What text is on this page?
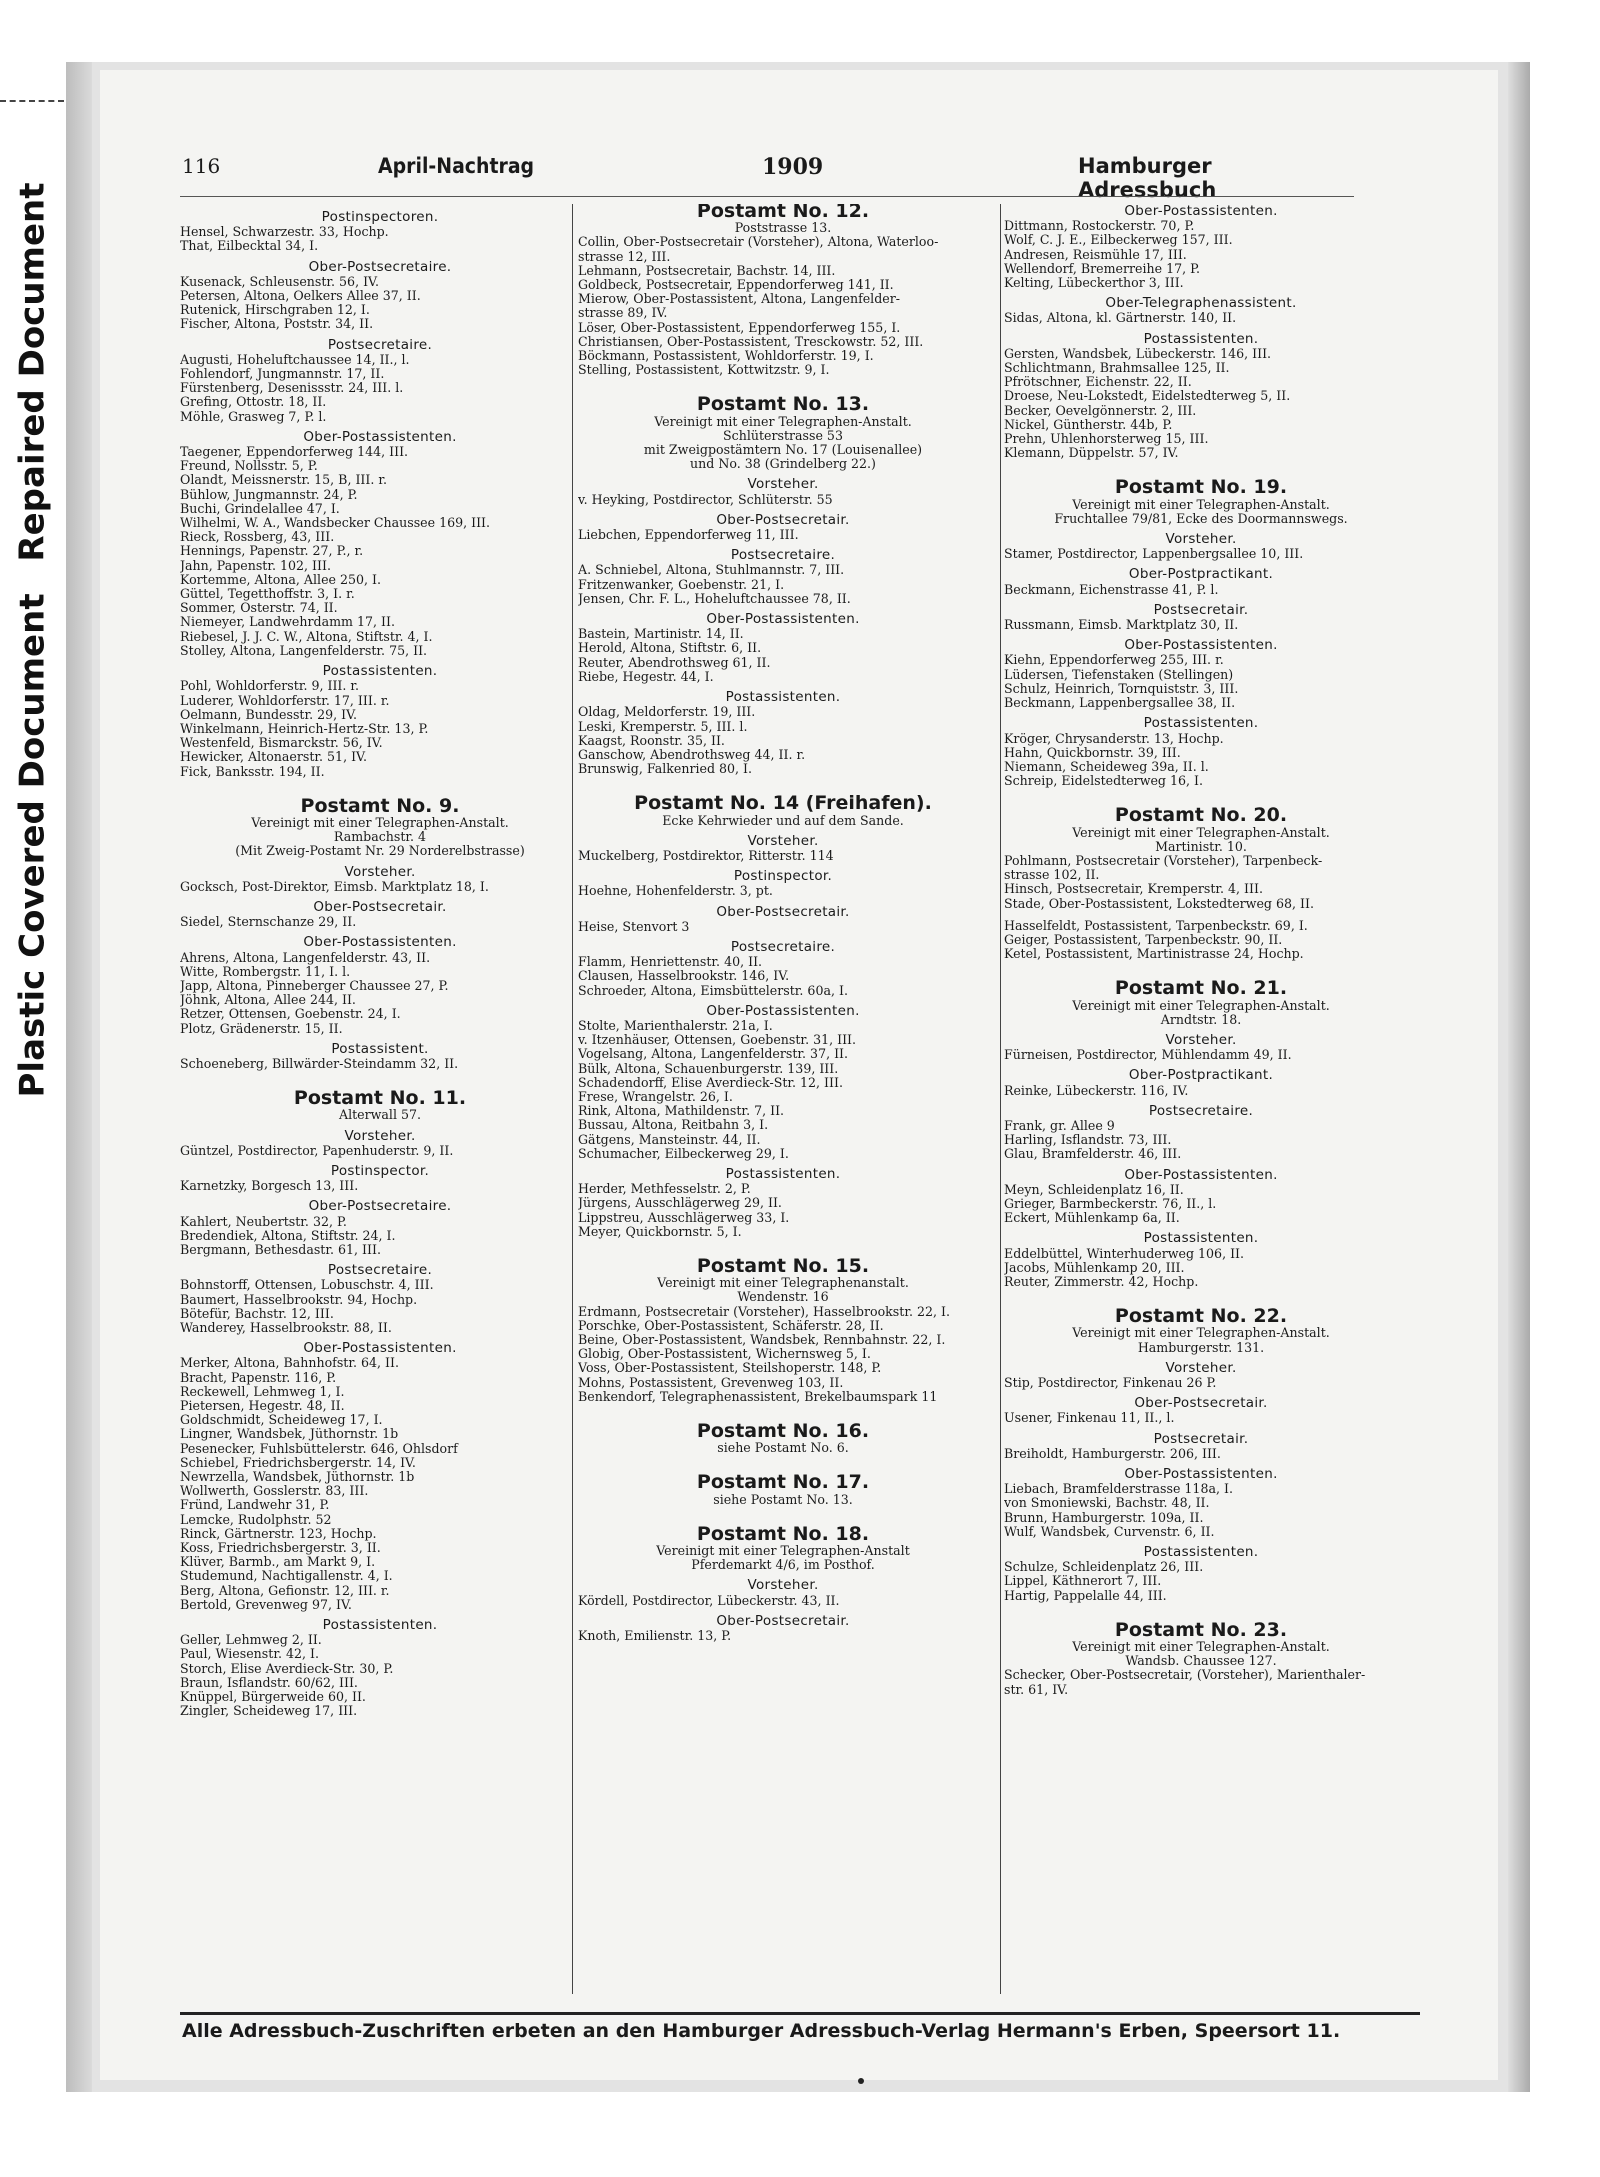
Plastic Covered Document Repaired Document
116	April-Nachtrag	1909	Hamburger Adressbuch
Postinspectoren.
Hensel, Schwarzestr. 33, Hochp.
That, Eilbecktal 34, I.
Ober-Postsecretaire.
Kusenack, Schleusenstr. 56, IV.
Petersen, Altona, Oelkers Allee 37, II.
Rutenick, Hirschgraben 12, I.
Fischer, Altona, Poststr. 34, II.
Postsecretaire.
Augusti, Hoheluftchaussee 14, II., l.
Fohlendorf, Jungmannstr. 17, II.
Fürstenberg, Desenissstr. 24, III. l.
Grefing, Ottostr. 18, II.
Möhle, Grasweg 7, P. l.
Ober-Postassistenten.
Taegener, Eppendorferweg 144, III.
Freund, Nollsstr. 5, P.
Olandt, Meissnerstr. 15, B, III. r.
Bühlow, Jungmannstr. 24, P.
Buchi, Grindelallee 47, I.
Wilhelmi, W. A., Wandsbecker Chaussee 169, III.
Rieck, Rossberg, 43, III.
Hennings, Papenstr. 27, P., r.
Jahn, Papenstr. 102, III.
Kortemme, Altona, Allee 250, I.
Güttel, Tegetthoffstr. 3, I. r.
Sommer, Osterstr. 74, II.
Niemeyer, Landwehrdamm 17, II.
Riebesel, J. J. C. W., Altona, Stiftstr. 4, I.
Stolley, Altona, Langenfelderstr. 75, II.
Postassistenten.
Pohl, Wohldorferstr. 9, III. r.
Luderer, Wohldorferstr. 17, III. r.
Oelmann, Bundesstr. 29, IV.
Winkelmann, Heinrich-Hertz-Str. 13, P.
Westenfeld, Bismarckstr. 56, IV.
Hewicker, Altonaerstr. 51, IV.
Fick, Banksstr. 194, II.
Postamt No. 9.
Vereinigt mit einer Telegraphen-Anstalt.
Rambachstr. 4
(Mit Zweig-Postamt Nr. 29 Norderelbstrasse)
Vorsteher.
Gocksch, Post-Direktor, Eimsb. Marktplatz 18, I.
Ober-Postsecretair.
Siedel, Sternschanze 29, II.
Ober-Postassistenten.
Ahrens, Altona, Langenfelderstr. 43, II.
Witte, Rombergstr. 11, I. l.
Japp, Altona, Pinneberger Chaussee 27, P.
Jöhnk, Altona, Allee 244, II.
Retzer, Ottensen, Goebenstr. 24, I.
Plotz, Grädenerstr. 15, II.
Postassistent.
Schoeneberg, Billwärder-Steindamm 32, II.
Postamt No. 11.
Alterwall 57.
Vorsteher.
Güntzel, Postdirector, Papenhuderstr. 9, II.
Postinspector.
Karnetzky, Borgesch 13, III.
Ober-Postsecretaire.
Kahlert, Neubertstr. 32, P.
Bredendiek, Altona, Stiftstr. 24, I.
Bergmann, Bethesdastr. 61, III.
Postsecretaire.
Bohnstorff, Ottensen, Lobuschstr. 4, III.
Baumert, Hasselbrookstr. 94, Hochp.
Bötefür, Bachstr. 12, III.
Wanderey, Hasselbrookstr. 88, II.
Ober-Postassistenten.
Merker, Altona, Bahnhofstr. 64, II.
Bracht, Papenstr. 116, P.
Reckewell, Lehmweg 1, I.
Pietersen, Hegestr. 48, II.
Goldschmidt, Scheideweg 17, I.
Lingner, Wandsbek, Jüthornstr. 1b
Pesenecker, Fuhlsbüttelerstr. 646, Ohlsdorf
Schiebel, Friedrichsbergerstr. 14, IV.
Newrzella, Wandsbek, Jüthornstr. 1b
Wollwerth, Gosslerstr. 83, III.
Fründ, Landwehr 31, P.
Lemcke, Rudolphstr. 52
Rinck, Gärtnerstr. 123, Hochp.
Koss, Friedrichsbergerstr. 3, II.
Klüver, Barmb., am Markt 9, I.
Studemund, Nachtigallenstr. 4, I.
Berg, Altona, Gefionstr. 12, III. r.
Bertold, Grevenweg 97, IV.
Postassistenten.
Geller, Lehmweg 2, II.
Paul, Wiesenstr. 42, I.
Storch, Elise Averdieck-Str. 30, P.
Braun, Isflandstr. 60/62, III.
Knüppel, Bürgerweide 60, II.
Zingler, Scheideweg 17, III.
Postamt No. 12.
Poststrasse 13.
Collin, Ober-Postsecretair (Vorsteher), Altona, Waterloo-
strasse 12, III.
Lehmann, Postsecretair, Bachstr. 14, III.
Goldbeck, Postsecretair, Eppendorferweg 141, II.
Mierow, Ober-Postassistent, Altona, Langenfelder-
strasse 89, IV.
Löser, Ober-Postassistent, Eppendorferweg 155, I.
Christiansen, Ober-Postassistent, Tresckowstr. 52, III.
Böckmann, Postassistent, Wohldorferstr. 19, I.
Stelling, Postassistent, Kottwitzstr. 9, I.
Postamt No. 13.
Vereinigt mit einer Telegraphen-Anstalt.
Schlüterstrasse 53
mit Zweigpostämtern No. 17 (Louisenallee)
und No. 38 (Grindelberg 22.)
Vorsteher.
v. Heyking, Postdirector, Schlüterstr. 55
Ober-Postsecretair.
Liebchen, Eppendorferweg 11, III.
Postsecretaire.
A. Schniebel, Altona, Stuhlmannstr. 7, III.
Fritzenwanker, Goebenstr. 21, I.
Jensen, Chr. F. L., Hoheluftchaussee 78, II.
Ober-Postassistenten.
Bastein, Martinistr. 14, II.
Herold, Altona, Stiftstr. 6, II.
Reuter, Abendrothsweg 61, II.
Riebe, Hegestr. 44, I.
Postassistenten.
Oldag, Meldorferstr. 19, III.
Leski, Kremperstr. 5, III. l.
Kaagst, Roonstr. 35, II.
Ganschow, Abendrothsweg 44, II. r.
Brunswig, Falkenried 80, I.
Postamt No. 14 (Freihafen).
Ecke Kehrwieder und auf dem Sande.
Vorsteher.
Muckelberg, Postdirektor, Ritterstr. 114
Postinspector.
Hoehne, Hohenfelderstr. 3, pt.
Ober-Postsecretair.
Heise, Stenvort 3
Postsecretaire.
Flamm, Henriettenstr. 40, II.
Clausen, Hasselbrookstr. 146, IV.
Schroeder, Altona, Eimsbüttelerstr. 60a, I.
Ober-Postassistenten.
Stolte, Marienthalerstr. 21a, I.
v. Itzenhäuser, Ottensen, Goebenstr. 31, III.
Vogelsang, Altona, Langenfelderstr. 37, II.
Bülk, Altona, Schauenburgerstr. 139, III.
Schadendorff, Elise Averdieck-Str. 12, III.
Frese, Wrangelstr. 26, I.
Rink, Altona, Mathildenstr. 7, II.
Bussau, Altona, Reitbahn 3, I.
Gätgens, Mansteinstr. 44, II.
Schumacher, Eilbeckerweg 29, I.
Postassistenten.
Herder, Methfesselstr. 2, P.
Jürgens, Ausschlägerweg 29, II.
Lippstreu, Ausschlägerweg 33, I.
Meyer, Quickbornstr. 5, I.
Postamt No. 15.
Vereinigt mit einer Telegraphenanstalt.
Wendenstr. 16
Erdmann, Postsecretair (Vorsteher), Hasselbrookstr. 22, I.
Porschke, Ober-Postassistent, Schäferstr. 28, II.
Beine, Ober-Postassistent, Wandsbek, Rennbahnstr. 22, I.
Globig, Ober-Postassistent, Wichernsweg 5, I.
Voss, Ober-Postassistent, Steilshoperstr. 148, P.
Mohns, Postassistent, Grevenweg 103, II.
Benkendorf, Telegraphenassistent, Brekelbaumspark 11
Postamt No. 16.
siehe Postamt No. 6.
Postamt No. 17.
siehe Postamt No. 13.
Postamt No. 18.
Vereinigt mit einer Telegraphen-Anstalt
Pferdemarkt 4/6, im Posthof.
Vorsteher.
Kördell, Postdirector, Lübeckerstr. 43, II.
Ober-Postsecretair.
Knoth, Emilienstr. 13, P.
Ober-Postassistenten.
Dittmann, Rostockerstr. 70, P.
Wolf, C. J. E., Eilbeckerweg 157, III.
Andresen, Reismühle 17, III.
Wellendorf, Bremerreihe 17, P.
Kelting, Lübeckerthor 3, III.
Ober-Telegraphenassistent.
Sidas, Altona, kl. Gärtnerstr. 140, II.
Postassistenten.
Gersten, Wandsbek, Lübeckerstr. 146, III.
Schlichtmann, Brahmsallee 125, II.
Pfrötschner, Eichenstr. 22, II.
Droese, Neu-Lokstedt, Eidelstedterweg 5, II.
Becker, Oevelgönnerstr. 2, III.
Nickel, Güntherstr. 44b, P.
Prehn, Uhlenhorsterweg 15, III.
Klemann, Düppelstr. 57, IV.
Postamt No. 19.
Vereinigt mit einer Telegraphen-Anstalt.
Fruchtallee 79/81, Ecke des Doormannswegs.
Vorsteher.
Stamer, Postdirector, Lappenbergsallee 10, III.
Ober-Postpractikant.
Beckmann, Eichenstrasse 41, P. l.
Postsecretair.
Russmann, Eimsb. Marktplatz 30, II.
Ober-Postassistenten.
Kiehn, Eppendorferweg 255, III. r.
Lüdersen, Tiefenstaken (Stellingen)
Schulz, Heinrich, Tornquiststr. 3, III.
Beckmann, Lappenbergsallee 38, II.
Postassistenten.
Kröger, Chrysanderstr. 13, Hochp.
Hahn, Quickbornstr. 39, III.
Niemann, Scheideweg 39a, II. l.
Schreip, Eidelstedterweg 16, I.
Postamt No. 20.
Vereinigt mit einer Telegraphen-Anstalt.
Martinistr. 10.
Pohlmann, Postsecretair (Vorsteher), Tarpenbeck-
strasse 102, II.
Hinsch, Postsecretair, Kremperstr. 4, III.
Stade, Ober-Postassistent, Lokstedterweg 68, II.
Hasselfeldt, Postassistent, Tarpenbeckstr. 69, I.
Geiger, Postassistent, Tarpenbeckstr. 90, II.
Ketel, Postassistent, Martinistrasse 24, Hochp.
Postamt No. 21.
Vereinigt mit einer Telegraphen-Anstalt.
Arndtstr. 18.
Vorsteher.
Fürneisen, Postdirector, Mühlendamm 49, II.
Ober-Postpractikant.
Reinke, Lübeckerstr. 116, IV.
Postsecretaire.
Frank, gr. Allee 9
Harling, Isflandstr. 73, III.
Glau, Bramfelderstr. 46, III.
Ober-Postassistenten.
Meyn, Schleidenplatz 16, II.
Grieger, Barmbeckerstr. 76, II., l.
Eckert, Mühlenkamp 6a, II.
Postassistenten.
Eddelbüttel, Winterhuderweg 106, II.
Jacobs, Mühlenkamp 20, III.
Reuter, Zimmerstr. 42, Hochp.
Postamt No. 22.
Vereinigt mit einer Telegraphen-Anstalt.
Hamburgerstr. 131.
Vorsteher.
Stip, Postdirector, Finkenau 26 P.
Ober-Postsecretair.
Usener, Finkenau 11, II., l.
Postsecretair.
Breiholdt, Hamburgerstr. 206, III.
Ober-Postassistenten.
Liebach, Bramfelderstrasse 118a, I.
von Smoniewski, Bachstr. 48, II.
Brunn, Hamburgerstr. 109a, II.
Wulf, Wandsbek, Curvenstr. 6, II.
Postassistenten.
Schulze, Schleidenplatz 26, III.
Lippel, Käthnerort 7, III.
Hartig, Pappelalle 44, III.
Postamt No. 23.
Vereinigt mit einer Telegraphen-Anstalt.
Wandsb. Chaussee 127.
Schecker, Ober-Postsecretair, (Vorsteher), Marienthaler-
str. 61, IV.
Alle Adressbuch-Zuschriften erbeten an den Hamburger Adressbuch-Verlag Hermann's Erben, Speersort 11.
